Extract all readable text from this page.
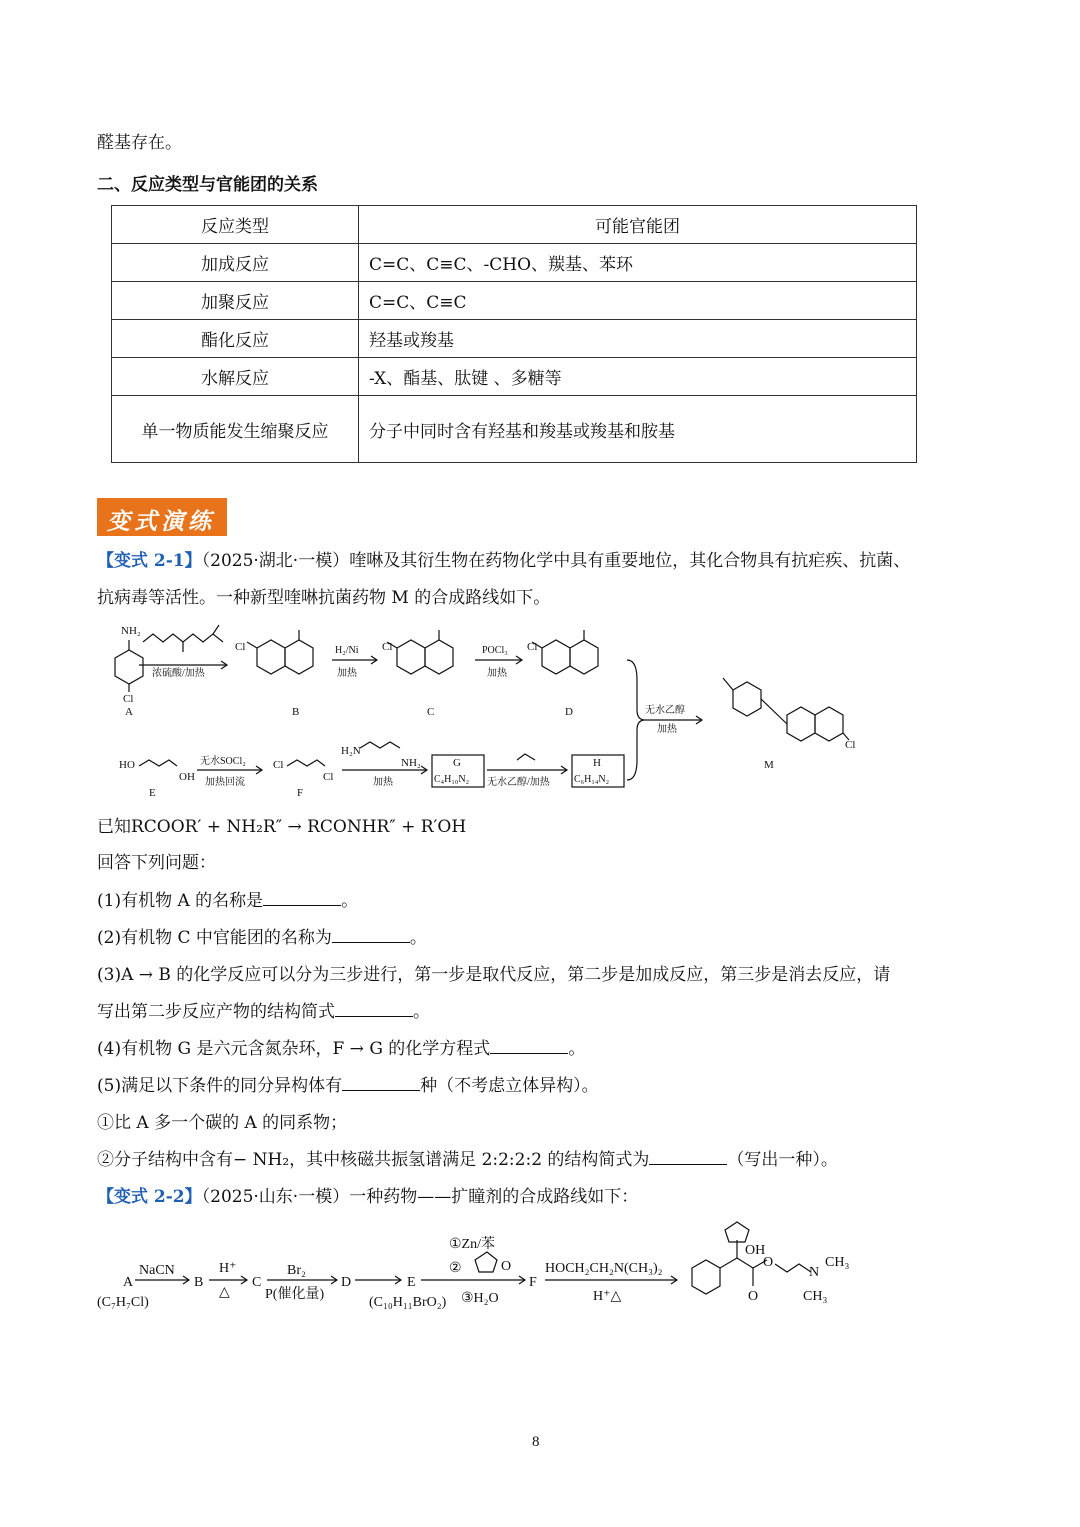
醛基存在。
二、反应类型与官能团的关系
反应类型	可能官能团
加成反应	C=C、C≡C、-CHO、羰基、苯环
加聚反应	C=C、C≡C
酯化反应	羟基或羧基
水解反应	-X、酯基、肽键 、多糖等
单一物质能发生缩聚反应	分子中同时含有羟基和羧基或羧基和胺基
变式演练
【变式 2-1】（2025·湖北·一模）喹啉及其衍生物在药物化学中具有重要地位，其化合物具有抗疟疾、抗菌、
抗病毒等活性。一种新型喹啉抗菌药物 M 的合成路线如下。
NH₂
Cl
A
浓硫酸/加热
Cl
B
H₂/Ni
加热
Cl
C
POCl₃
加热
Cl
D	无水乙醇
加热
M
Cl
HO
OH
E
无水SOCl₂
加热回流
Cl
Cl
F
H₂N
NH₂
加热
G
C₄H₁₀N₂ 无水乙醇/加热
H
C₆H₁₄N₂
已知RCOOR′ + NH₂R″ → RCONHR″ + R′OH
回答下列问题：
(1)有机物 A 的名称是	。
(2)有机物 C 中官能团的名称为	。
(3)A → B 的化学反应可以分为三步进行，第一步是取代反应，第二步是加成反应，第三步是消去反应，请
写出第二步反应产物的结构简式	。
(4)有机物 G 是六元含氮杂环，F → G 的化学方程式	。
(5)满足以下条件的同分异构体有	种（不考虑立体异构）。
①比 A 多一个碳的 A 的同系物；
②分子结构中含有− NH₂，其中核磁共振氢谱满足 2:2:2:2 的结构简式为	（写出一种）。
【变式 2-2】（2025·山东·一模）一种药物——扩瞳剂的合成路线如下：
A
(C₇H₇Cl)
NaCN
B
H⁺
△
C
Br₂
P(催化量)
D	E
(C₁₀H₁₁BrO₂)
①Zn/苯
②	O
③H₂O
F
HOCH₂CH₂N(CH₃)₂
H⁺△
OH
O
O
N
CH₃
CH₃
8
